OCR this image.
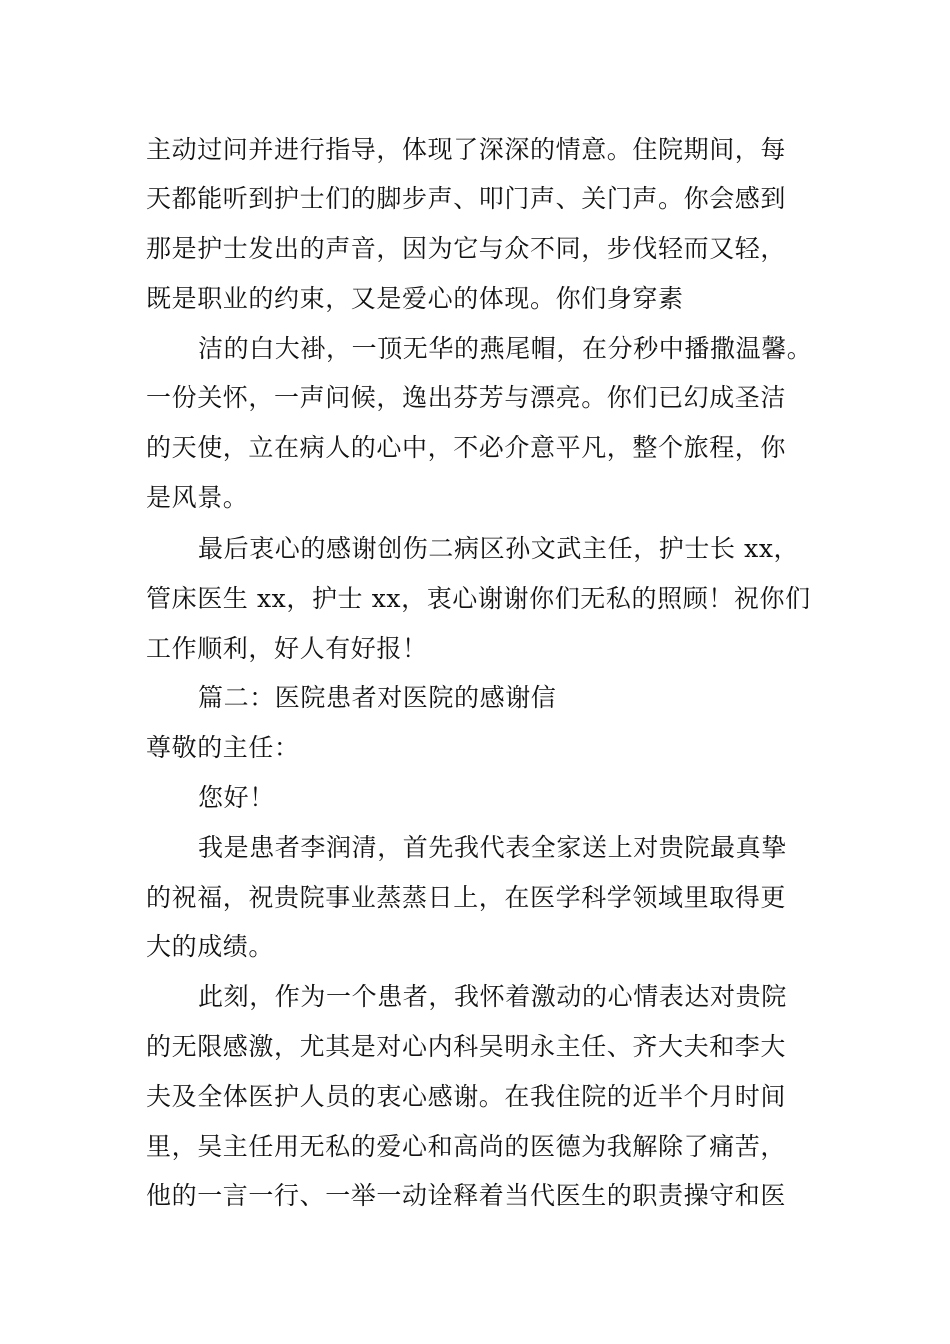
主动过问并进行指导，体现了深深的情意。住院期间，每
天都能听到护士们的脚步声、叩门声、关门声。你会感到
那是护士发出的声音，因为它与众不同，步伐轻而又轻，
既是职业的约束，又是爱心的体现。你们身穿素
洁的白大褂，一顶无华的燕尾帽，在分秒中播撒温馨。
一份关怀，一声问候，逸出芬芳与漂亮。你们已幻成圣洁
的天使，立在病人的心中，不必介意平凡，整个旅程，你
是风景。
最后衷心的感谢创伤二病区孙文武主任，护士长 xx，
管床医生 xx，护士 xx，衷心谢谢你们无私的照顾！祝你们
工作顺利，好人有好报！
篇二：医院患者对医院的感谢信
尊敬的主任：
您好！
我是患者李润清，首先我代表全家送上对贵院最真挚
的祝福，祝贵院事业蒸蒸日上，在医学科学领域里取得更
大的成绩。
此刻，作为一个患者，我怀着激动的心情表达对贵院
的无限感激，尤其是对心内科吴明永主任、齐大夫和李大
夫及全体医护人员的衷心感谢。在我住院的近半个月时间
里，吴主任用无私的爱心和高尚的医德为我解除了痛苦，
他的一言一行、一举一动诠释着当代医生的职责操守和医
